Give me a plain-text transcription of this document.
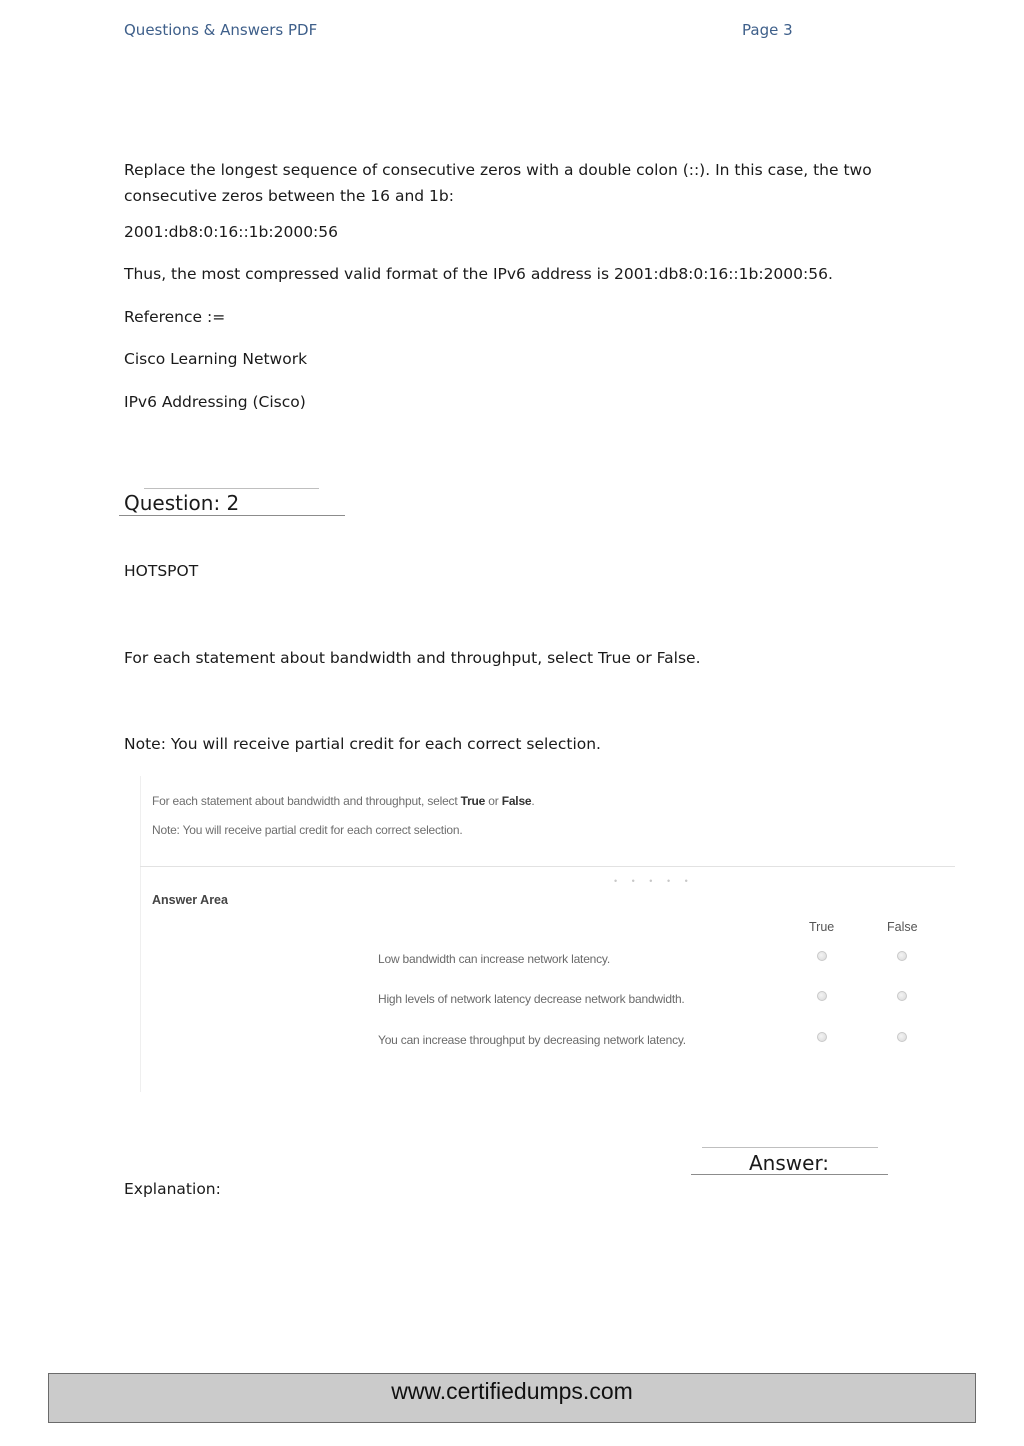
Questions & Answers PDF	Page 3
Replace the longest sequence of consecutive zeros with a double colon (::). In this case, the two
consecutive zeros between the 16 and 1b:
2001:db8:0:16::1b:2000:56
Thus, the most compressed valid format of the IPv6 address is 2001:db8:0:16::1b:2000:56.
Reference :=
Cisco Learning Network
IPv6 Addressing (Cisco)
Question: 2
HOTSPOT
For each statement about bandwidth and throughput, select True or False.
Note: You will receive partial credit for each correct selection.
For each statement about bandwidth and throughput, select True or False.
Note: You will receive partial credit for each correct selection.
• • • • •
Answer Area
True	False
Low bandwidth can increase network latency.
High levels of network latency decrease network bandwidth.
You can increase throughput by decreasing network latency.
Answer:
Explanation:
www.certifiedumps.com
